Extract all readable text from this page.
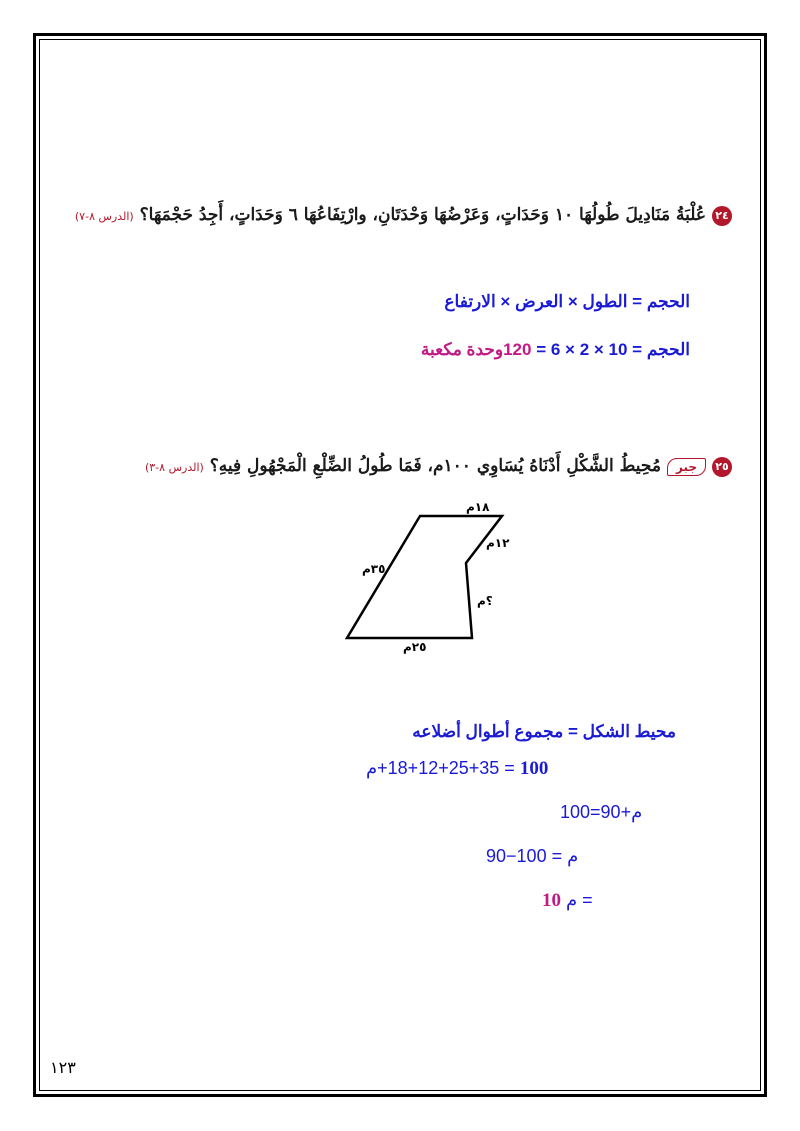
٢٤عُلْبَةُ مَنَادِيلَ طُولُهَا ١٠ وَحَدَاتٍ، وَعَرْضُهَا وَحْدَتَانِ، وارْتِفَاعُهَا ٦ وَحَدَاتٍ، أَجِدُ حَجْمَهَا؟ (الدرس ٨-٧)
الحجم = الطول × العرض × الارتفاع
الحجم = 10 × 2 × 6 = 120وحدة مكعبة
٢٥جبرمُحِيطُ الشَّكْلِ أَدْنَاهُ يُسَاوِي ١٠٠م، فَمَا طُولُ الضِّلْعِ الْمَجْهُولِ فِيهِ؟ (الدرس ٨-٣)
١٨م
١٢م
٣٥م
؟م
٢٥م
محيط الشكل = مجموع أطوال أضلاعه
= 18+12+25+35+م 100
100=90+م
م = 100−90
10 م =
١٢٣
